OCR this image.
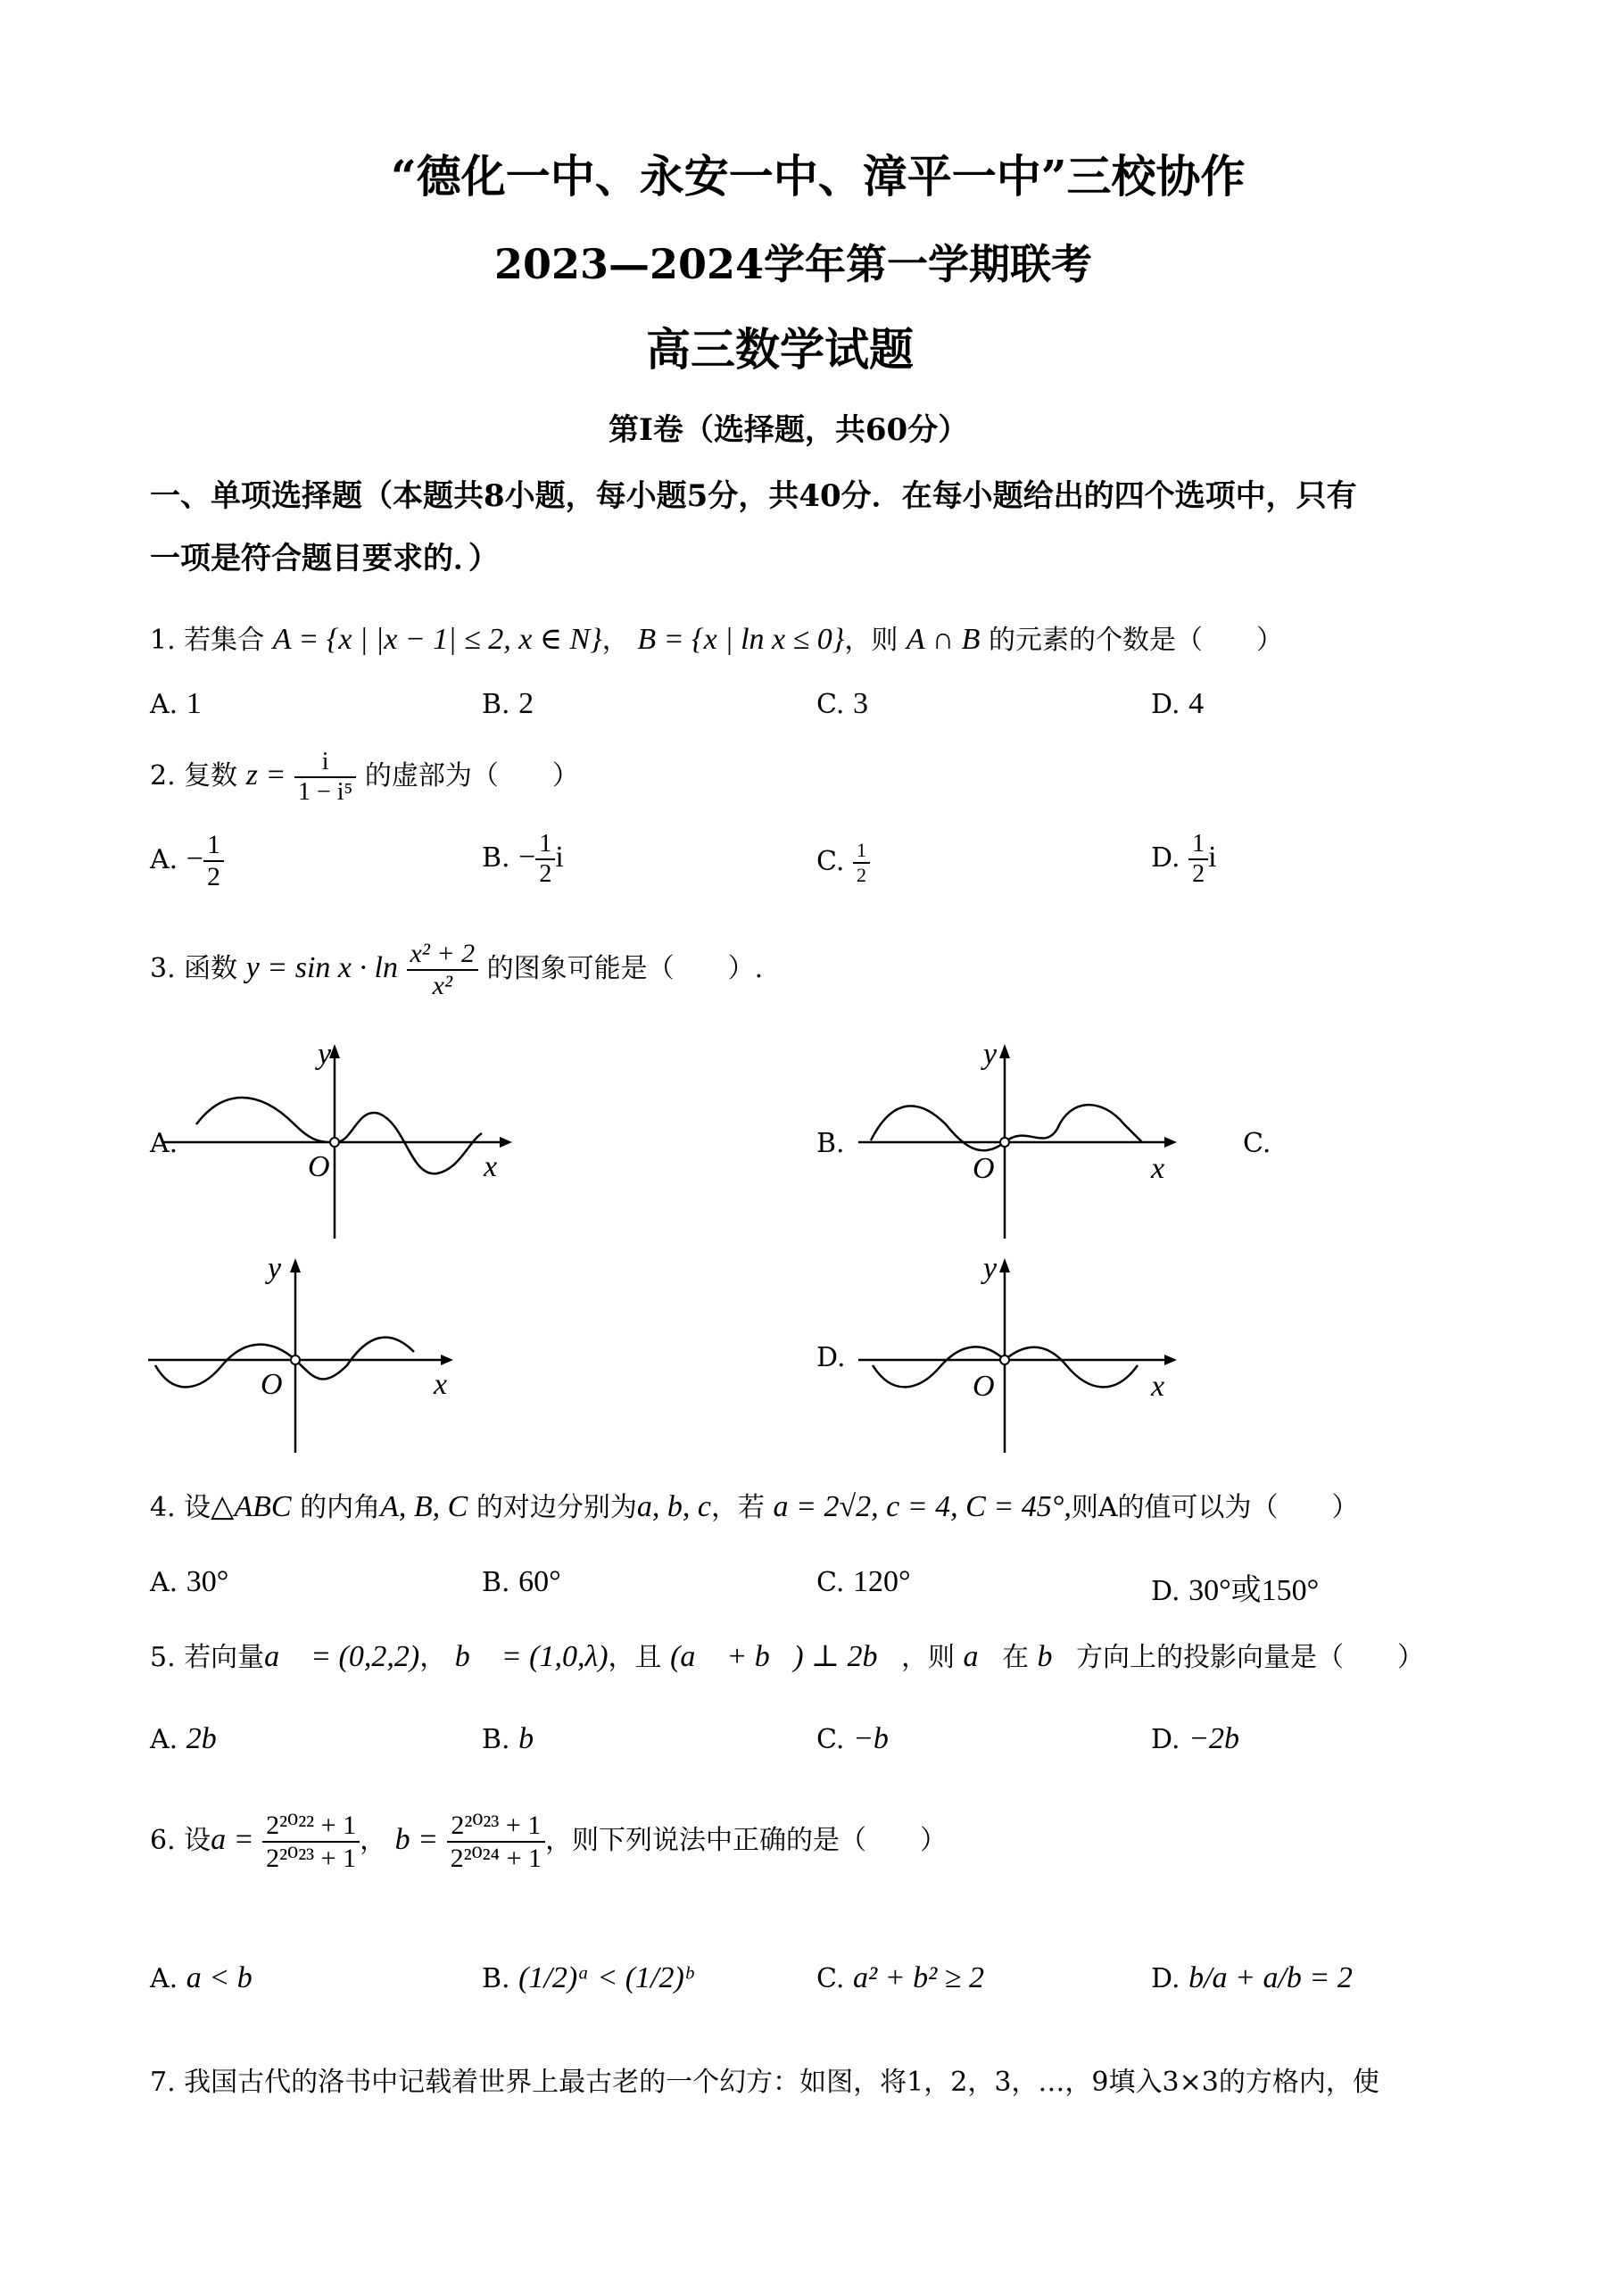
“德化一中、永安一中、漳平一中”三校协作
2023—2024学年第一学期联考
高三数学试题
第Ⅰ卷（选择题，共60分）
一、单项选择题（本题共8小题，每小题5分，共40分．在每小题给出的四个选项中，只有
一项是符合题目要求的．）
1. 若集合 A = {x | |x − 1| ≤ 2, x ∈ N}， B = {x | ln x ≤ 0}，则 A ∩ B 的元素的个数是（　　）
A. 1	B. 2	C. 3	D. 4
2. 复数 $z = \frac{i}{\text{1 − i⁵}}$ 的虚部为（　　）
A. − $\frac{1}{2}$	B. − $\frac{1}{2}$ i	C. $\frac{1}{2}$	D. $\frac{1}{2}$ i
3. 函数 $y = \sin x \cdot \ln \frac{\text{x² + 2}}{\text{x²}}$ 的图象可能是（　　）.
A.
O
y
x
B.
O
y
x
C.
O
y
x
D.
O
y
x
4. 设△ABC 的内角A, B, C 的对边分别为a, b, c，若 a = 2√2, c = 4, C = 45°,则A的值可以为（　　）
A. 30°	B. 60°	C. 120°	D. 30°或150°
5. 若向量a⃗ = (0,2,2)， b⃗ = (1,0,λ)，且 (a⃗ + b⃗) ⊥ 2b⃗，则 a⃗在 b⃗方向上的投影向量是（　　）
A. 2b⃗	B. b⃗	C. −b⃗	D. −2b⃗
6. 设$a = \frac{\text{2²⁰²² + 1}}{\text{2²⁰²³ + 1}}$ ， $b = \frac{\text{2²⁰²³ + 1}}{\text{2²⁰²⁴ + 1}}$ ，则下列说法中正确的是（　　）
A. a < b	B. (1/2)ᵃ < (1/2)ᵇ	C. a² + b² ≥ 2	D. b/a + a/b = 2
7. 我国古代的洛书中记载着世界上最古老的一个幻方：如图，将1，2，3，…，9填入3×3的方格内，使
